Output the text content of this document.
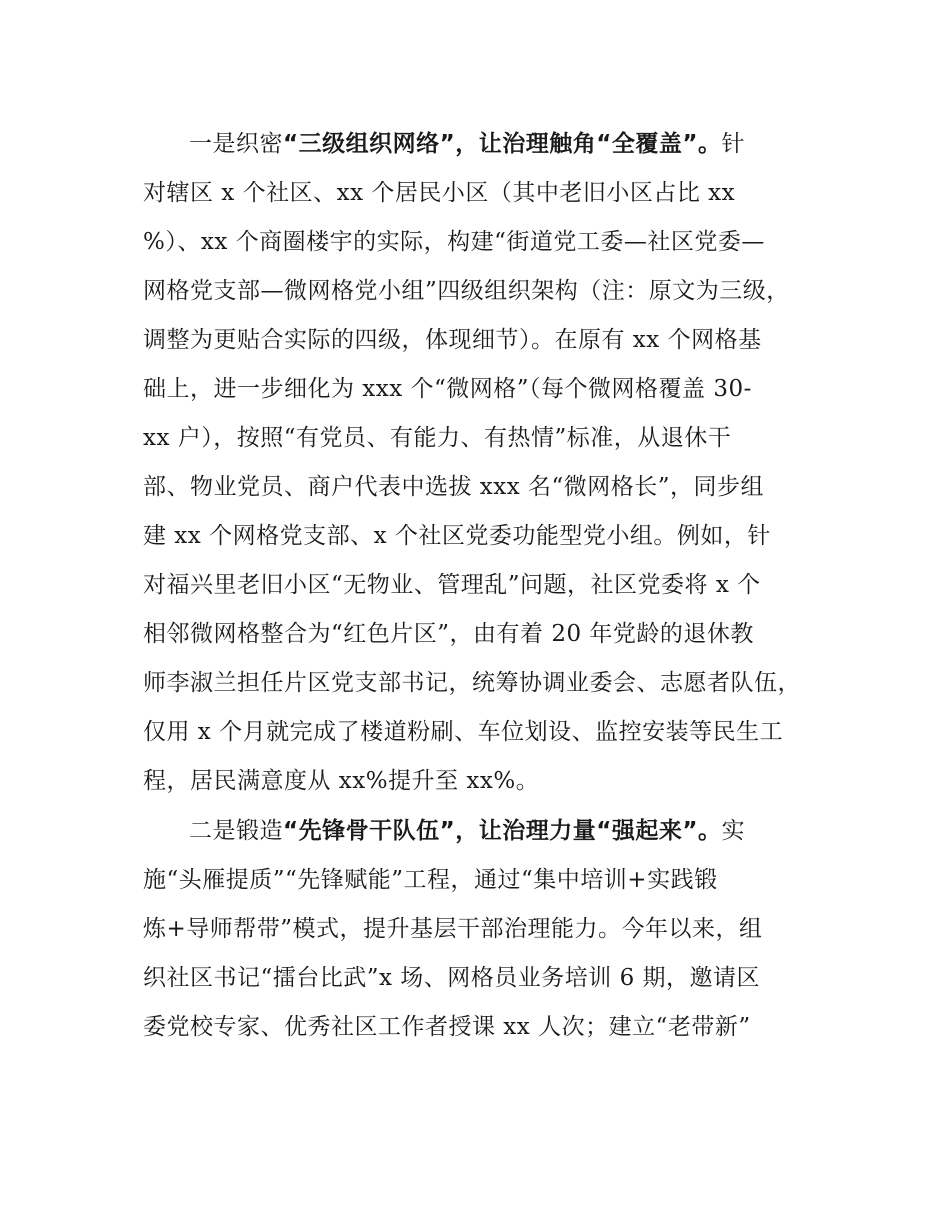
一是织密“三级组织网络”，让治理触角“全覆盖”。针
对辖区 x 个社区、xx 个居民小区（其中老旧小区占比 xx
%）、xx 个商圈楼宇的实际，构建“街道党工委—社区党委—
网格党支部—微网格党小组”四级组织架构（注：原文为三级，
调整为更贴合实际的四级，体现细节）。在原有 xx 个网格基
础上，进一步细化为 xxx 个“微网格”（每个微网格覆盖 30-
xx 户），按照“有党员、有能力、有热情”标准，从退休干
部、物业党员、商户代表中选拔 xxx 名“微网格长”，同步组
建 xx 个网格党支部、x 个社区党委功能型党小组。例如，针
对福兴里老旧小区“无物业、管理乱”问题，社区党委将 x 个
相邻微网格整合为“红色片区”，由有着 20 年党龄的退休教
师李淑兰担任片区党支部书记，统筹协调业委会、志愿者队伍，
仅用 x 个月就完成了楼道粉刷、车位划设、监控安装等民生工
程，居民满意度从 xx%提升至 xx%。
二是锻造“先锋骨干队伍”，让治理力量“强起来”。实
施“头雁提质”“先锋赋能”工程，通过“集中培训+实践锻
炼+导师帮带”模式，提升基层干部治理能力。今年以来，组
织社区书记“擂台比武”x 场、网格员业务培训 6 期，邀请区
委党校专家、优秀社区工作者授课 xx 人次；建立“老带新”
